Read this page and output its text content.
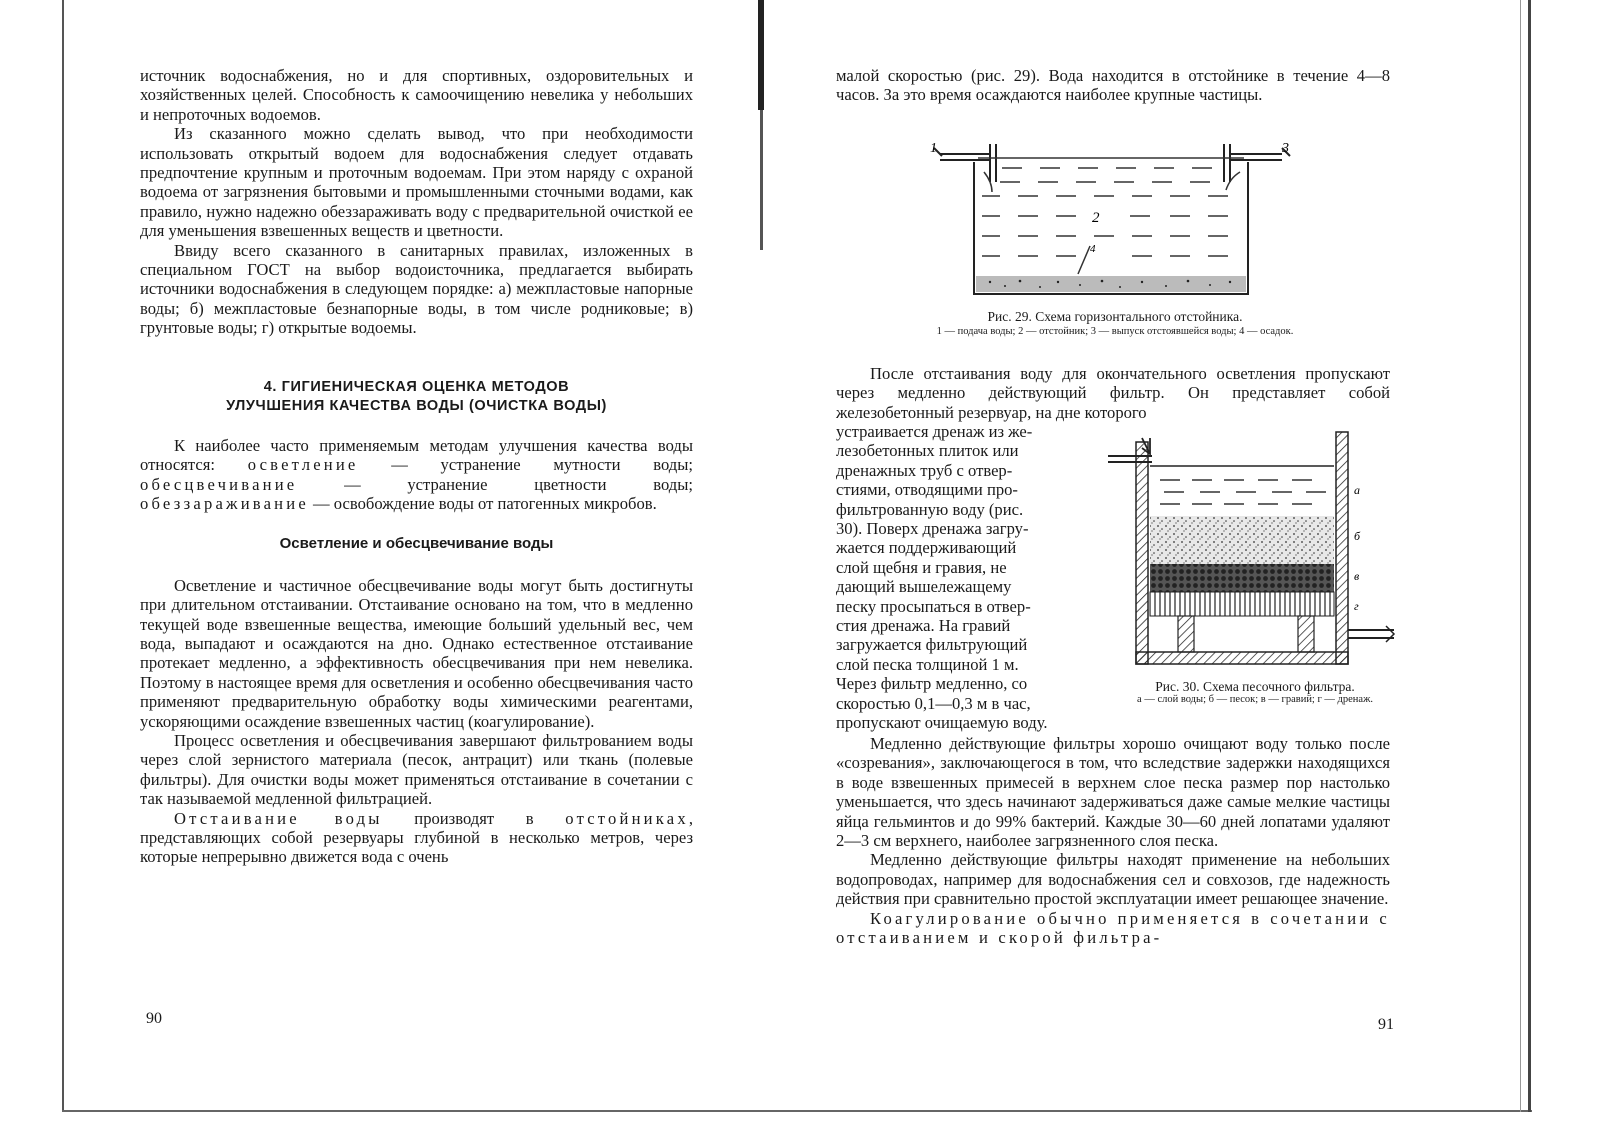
источник водоснабжения, но и для спортивных, оздоровительных и хозяйственных целей. Способность к самоочищению невелика у небольших и непроточных водоемов.

Из сказанного можно сделать вывод, что при необходимости использовать открытый водоем для водоснабжения следует отдавать предпочтение крупным и проточным водоемам. При этом наряду с охраной водоема от загрязнения бытовыми и промышленными сточными водами, как правило, нужно надежно обеззараживать воду с предварительной очисткой ее для уменьшения взвешенных веществ и цветности.

Ввиду всего сказанного в санитарных правилах, изложенных в специальном ГОСТ на выбор водоисточника, предлагается выбирать источники водоснабжения в следующем порядке: а) межпластовые напорные воды; б) межпластовые безнапорные воды, в том числе родниковые; в) грунтовые воды; г) открытые водоемы.

4. ГИГИЕНИЧЕСКАЯ ОЦЕНКА МЕТОДОВ
УЛУЧШЕНИЯ КАЧЕСТВА ВОДЫ (ОЧИСТКА ВОДЫ)

К наиболее часто применяемым методам улучшения качества воды относятся: осветление — устранение мутности воды; обесцвечивание — устранение цветности воды; обеззараживание — освобождение воды от патогенных микробов.

Осветление и обесцвечивание воды

Осветление и частичное обесцвечивание воды могут быть достигнуты при длительном отстаивании. Отстаивание основано на том, что в медленно текущей воде взвешенные вещества, имеющие больший удельный вес, чем вода, выпадают и осаждаются на дно. Однако естественное отстаивание протекает медленно, а эффективность обесцвечивания при нем невелика. Поэтому в настоящее время для осветления и особенно обесцвечивания часто применяют предварительную обработку воды химическими реагентами, ускоряющими осаждение взвешенных частиц (коагулирование).

Процесс осветления и обесцвечивания завершают фильтрованием воды через слой зернистого материала (песок, антрацит) или ткань (полевые фильтры). Для очистки воды может применяться отстаивание в сочетании с так называемой медленной фильтрацией.

Отстаивание воды производят в отстойниках, представляющих собой резервуары глубиной в несколько метров, через которые непрерывно движется вода с очень

90

малой скоростью (рис. 29). Вода находится в отстойнике в течение 4—8 часов. За это время осаждаются наиболее крупные частицы.

1
2
3
4
Рис. 29. Схема горизонтального отстойника.
1 — подача воды; 2 — отстойник; 3 — выпуск отстоявшейся воды; 4 — осадок.

После отстаивания воду для окончательного осветления пропускают через медленно действующий фильтр. Он представляет собой железобетонный резервуар, на дне которого

устраивается дренаж из же-
лезобетонных плиток или
дренажных труб с отвер-
стиями, отводящими про-
фильтрованную воду (рис.
30). Поверх дренажа загру-
жается поддерживающий
слой щебня и гравия, не
дающий вышележащему
песку просыпаться в отвер-
стия дренажа. На гравий
загружается фильтрующий
слой песка толщиной 1 м.
Через фильтр медленно, со
скоростью 0,1—0,3 м в час,
пропускают очищаемую воду.
а
б
в
г
Рис. 30. Схема песочного фильтра.
а — слой воды; б — песок; в — гравий; г — дренаж.

Медленно действующие фильтры хорошо очищают воду только после «созревания», заключающегося в том, что вследствие задержки находящихся в воде взвешенных примесей в верхнем слое песка размер пор настолько уменьшается, что здесь начинают задерживаться даже самые мелкие частицы яйца гельминтов и до 99% бактерий. Каждые 30—60 дней лопатами удаляют 2—3 см верхнего, наиболее загрязненного слоя песка.

Медленно действующие фильтры находят применение на небольших водопроводах, например для водоснабжения сел и совхозов, где надежность действия при сравнительно простой эксплуатации имеет решающее значение.

Коагулирование обычно применяется в сочетании с отстаиванием и скорой фильтра-

91
